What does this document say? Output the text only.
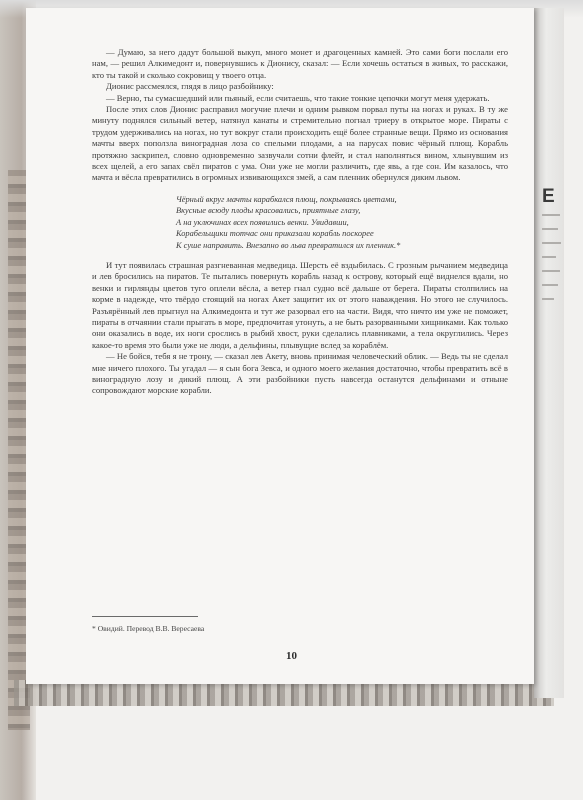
Е

— Думаю, за него дадут большой выкуп, много монет и драгоценных камней. Это сами боги послали его нам, — решил Алкимедонт и, повернувшись к Дионису, сказал: — Если хочешь остаться в живых, то расскажи, кто ты такой и сколько сокровищ у твоего отца.

Дионис рассмеялся, глядя в лицо разбойнику:

— Верно, ты сумасшедший или пьяный, если считаешь, что такие тонкие цепочки могут меня удержать.

После этих слов Дионис расправил могучие плечи и одним рывком порвал путы на ногах и руках. В ту же минуту поднялся сильный ветер, натянул канаты и стремительно погнал триеру в открытое море. Пираты с трудом удерживались на ногах, но тут вокруг стали происходить ещё более странные вещи. Прямо из основания мачты вверх поползла виноградная лоза со спелыми плодами, а на парусах повис чёрный плющ. Корабль протяжно заскрипел, словно одновременно зазвучали сотни флейт, и стал наполняться вином, хлынувшим из всех щелей, а его запах свёл пиратов с ума. Они уже не могли различить, где явь, а где сон. Им казалось, что мачта и вёсла превратились в огромных извивающихся змей, а сам пленник обернулся диким львом.

Чёрный вкруг мачты карабкался плющ, покрываясь цветами,
Вкусные всюду плоды красовались, приятные глазу,
А на уключинах всех появились венки. Увидавши,
Корабельщики тотчас они приказали корабль поскорее
К суше направить. Внезапно во льва превратился их пленник.*

И тут появилась страшная разгневанная медведица. Шерсть её вздыбилась. С грозным рычанием медведица и лев бросились на пиратов. Те пытались повернуть корабль назад к острову, который ещё виднелся вдали, но венки и гирлянды цветов туго оплели вёсла, а ветер гнал судно всё дальше от берега. Пираты столпились на корме в надежде, что твёрдо стоящий на ногах Акет защитит их от этого наваждения. Но этого не случилось. Разъярённый лев прыгнул на Алкимедонта и тут же разорвал его на части. Видя, что ничто им уже не поможет, пираты в отчаянии стали прыгать в море, предпочитая утонуть, а не быть разорванными хищниками. Как только они оказались в воде, их ноги срослись в рыбий хвост, руки сделались плавниками, а тела округлились. Через какое-то время это были уже не люди, а дельфины, плывущие вслед за кораблём.

— Не бойся, тебя я не трону, — сказал лев Акету, вновь принимая человеческий облик. — Ведь ты не сделал мне ничего плохого. Ты угадал — я сын бога Зевса, и одного моего желания достаточно, чтобы превратить всё в виноградную лозу и дикий плющ. А эти разбойники пусть навсегда останутся дельфинами и отныне сопровождают морские корабли.

* Овидий. Перевод В.В. Вересаева
10
